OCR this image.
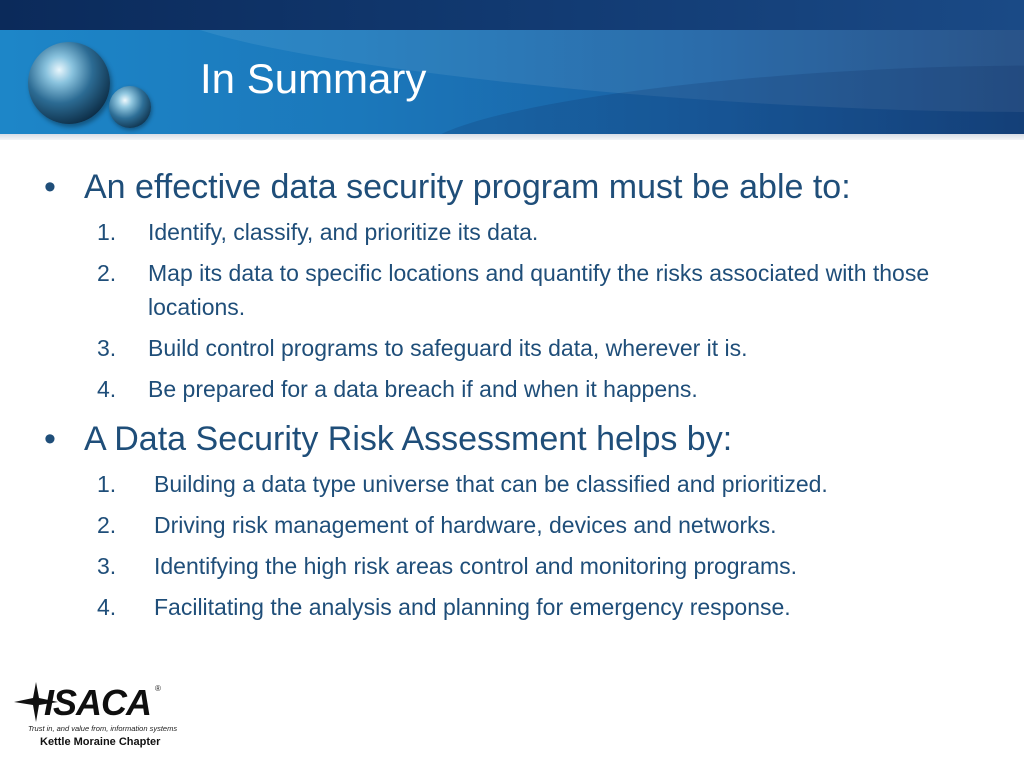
In Summary
• An effective data security program must be able to:
1. Identify, classify, and prioritize its data.
2. Map its data to specific locations and quantify the risks associated with those locations.
3. Build control programs to safeguard its data, wherever it is.
4. Be prepared for a data breach if and when it happens.
• A Data Security Risk Assessment helps by:
1. Building a data type universe that can be classified and prioritized.
2. Driving risk management of hardware, devices and networks.
3. Identifying the high risk areas control and monitoring programs.
4. Facilitating the analysis and planning for emergency response.
ISACA ®
Trust in, and value from, information systems
Kettle Moraine Chapter
